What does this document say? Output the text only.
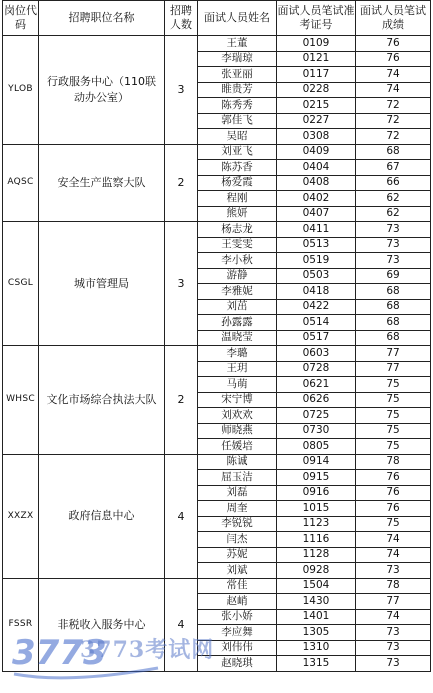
岗位代码	招聘职位名称	招聘人数	面试人员姓名	面试人员笔试准考证号	面试人员笔试成绩
YLOB	行政服务中心（110联动办公室）	3	王董	0109	76
			李瑞琼	0121	76
			张亚丽	0117	74
			睢贵芳	0228	74
			陈秀秀	0215	72
			郭佳飞	0227	72
			吴昭	0308	72
AQSC	安全生产监察大队	2	刘亚飞	0409	68
			陈苏香	0404	67
			杨爱霞	0408	66
			程刚	0402	62
			熊妍	0407	62
CSGL	城市管理局	3	杨志龙	0411	73
			王雯雯	0513	73
			李小秋	0519	73
			游静	0503	69
			李雅妮	0418	68
			刘茁	0422	68
			孙露露	0514	68
			温晓莹	0517	68
WHSC	文化市场综合执法大队	2	李璐	0603	77
			王玥	0728	77
			马萌	0621	75
			宋宁博	0626	75
			刘欢欢	0725	75
			师晓燕	0730	75
			任媛培	0805	75
XXZX	政府信息中心	4	陈诚	0914	78
			屈玉洁	0915	76
			刘磊	0916	76
			周奎	1015	76
			李锐锐	1123	75
			闫杰	1116	74
			苏妮	1128	74
			刘斌	0928	73
FSSR	非税收入服务中心	4	常佳	1504	78
			赵峭	1430	77
			张小娇	1401	74
			李应舞	1305	73
			刘伟伟	1310	73
			赵晓琪	1315	73
3773
3773考试网
